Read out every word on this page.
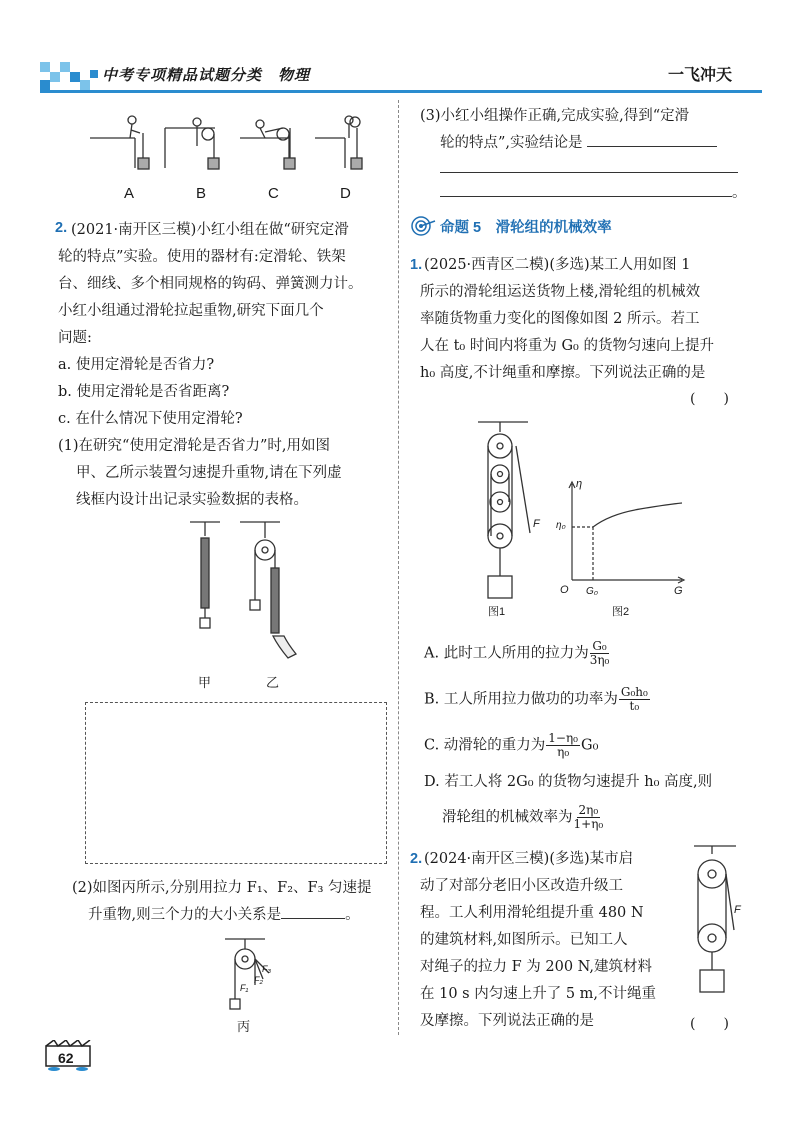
中考专项精品试题分类　物理	一飞冲天
A	B	C	D
2. (2021·南开区三模)小红小组在做“研究定滑
轮的特点”实验。使用的器材有:定滑轮、铁架
台、细线、多个相同规格的钩码、弹簧测力计。
小红小组通过滑轮拉起重物,研究下面几个
问题:
a. 使用定滑轮是否省力?
b. 使用定滑轮是否省距离?
c. 在什么情况下使用定滑轮?
(1)在研究“使用定滑轮是否省力”时,用如图
甲、乙所示装置匀速提升重物,请在下列虚
线框内设计出记录实验数据的表格。
甲	乙
(2)如图丙所示,分别用拉力 F₁、F₂、F₃ 匀速提
升重物,则三个力的大小关系是	。
F₁
F₂
F₃
丙
(3)小红小组操作正确,完成实验,得到“定滑
轮的特点”,实验结论是
。
命题 5　滑轮组的机械效率
1. (2025·西青区二模)(多选)某工人用如图 1
所示的滑轮组运送货物上楼,滑轮组的机械效
率随货物重力变化的图像如图 2 所示。若工
人在 t₀ 时间内将重为 G₀ 的货物匀速向上提升
h₀ 高度,不计绳重和摩擦。下列说法正确的是
(　　)
F
图1
η
η₀
O G₀	G
图2
A. 此时工人所用的拉力为 $\frac{\text{G₀}}{\text{3η₀}}$
B. 工人所用拉力做功的功率为 $\frac{\text{G₀h₀}}{\text{t₀}}$
C. 动滑轮的重力为 $\frac{\text{1−η₀}}{\text{η₀}} G_0$
D. 若工人将 2G₀ 的货物匀速提升 h₀ 高度,则
滑轮组的机械效率为 $\frac{\text{2η₀}}{\text{1+η₀}}$
2. (2024·南开区三模)(多选)某市启
动了对部分老旧小区改造升级工
程。工人利用滑轮组提升重 480 N
的建筑材料,如图所示。已知工人
对绳子的拉力 F 为 200 N,建筑材料
在 10 s 内匀速上升了 5 m,不计绳重
及摩擦。下列说法正确的是	(　　)
F
62
